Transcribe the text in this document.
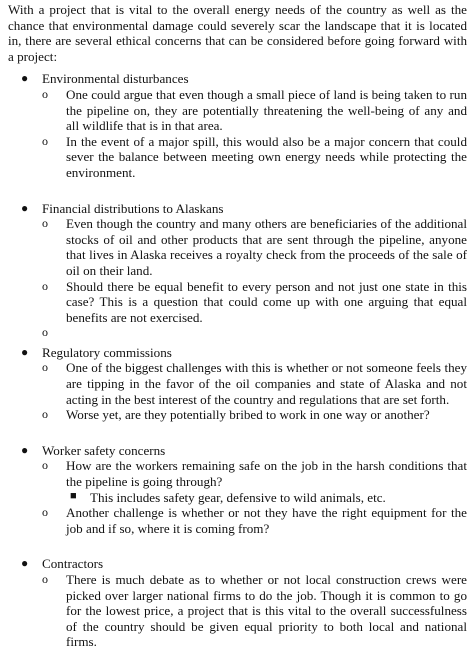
With a project that is vital to the overall energy needs of the country as well as the chance that environmental damage could severely scar the landscape that it is located in, there are several ethical concerns that can be considered before going forward with a project:

● Environmental disturbances
o One could argue that even though a small piece of land is being taken to run the pipeline on, they are potentially threatening the well-being of any and all wildlife that is in that area.
o In the event of a major spill, this would also be a major concern that could sever the balance between meeting own energy needs while protecting the environment.
● Financial distributions to Alaskans
o Even though the country and many others are beneficiaries of the additional stocks of oil and other products that are sent through the pipeline, anyone that lives in Alaska receives a royalty check from the proceeds of the sale of oil on their land.
o Should there be equal benefit to every person and not just one state in this case? This is a question that could come up with one arguing that equal benefits are not exercised.
o
● Regulatory commissions
o One of the biggest challenges with this is whether or not someone feels they are tipping in the favor of the oil companies and state of Alaska and not acting in the best interest of the country and regulations that are set forth.
o Worse yet, are they potentially bribed to work in one way or another?
● Worker safety concerns
o How are the workers remaining safe on the job in the harsh conditions that the pipeline is going through?
■ This includes safety gear, defensive to wild animals, etc.
o Another challenge is whether or not they have the right equipment for the job and if so, where it is coming from?
● Contractors
o There is much debate as to whether or not local construction crews were picked over larger national firms to do the job. Though it is common to go for the lowest price, a project that is this vital to the overall successfulness of the country should be given equal priority to both local and national firms.
